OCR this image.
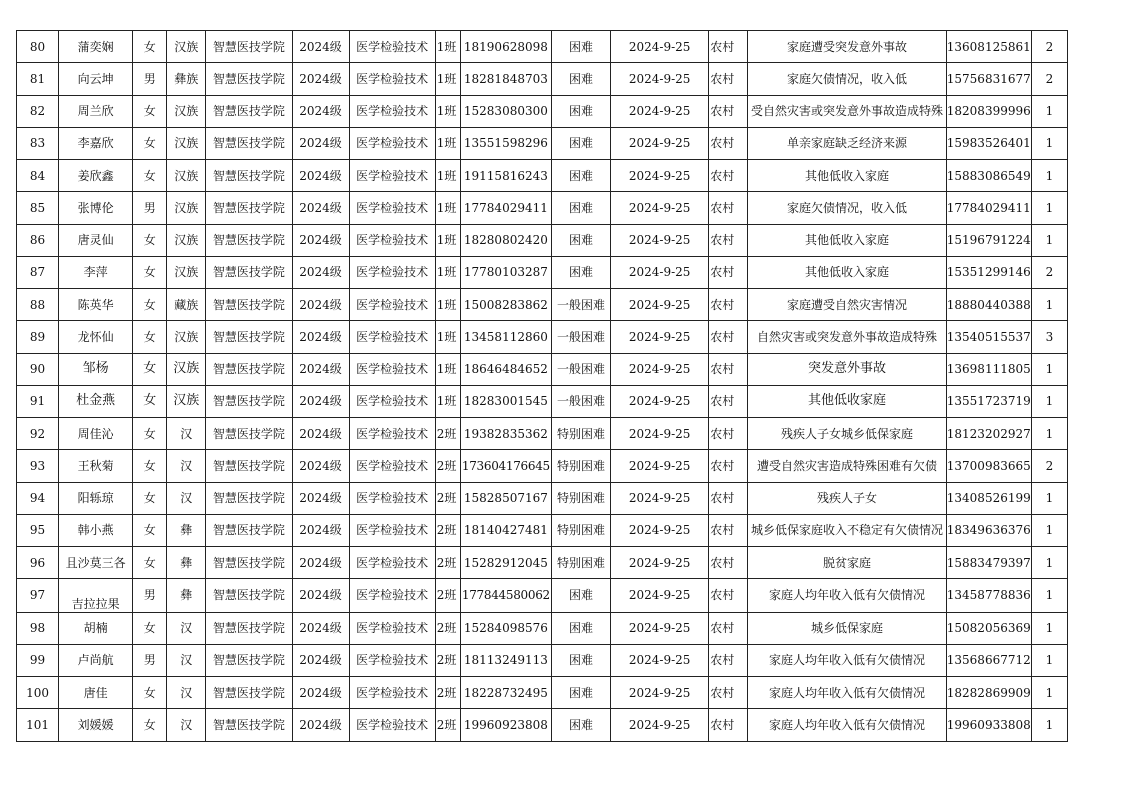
80	蒲奕娴	女	汉族	智慧医技学院	2024级	医学检验技术	1班	18190628098	困难	2024-9-25	农村	家庭遭受突发意外事故	13608125861	2
81	向云坤	男	彝族	智慧医技学院	2024级	医学检验技术	1班	18281848703	困难	2024-9-25	农村	家庭欠债情况，收入低	15756831677	2
82	周兰欣	女	汉族	智慧医技学院	2024级	医学检验技术	1班	15283080300	困难	2024-9-25	农村	受自然灾害或突发意外事故造成特殊	18208399996	1
83	李嘉欣	女	汉族	智慧医技学院	2024级	医学检验技术	1班	13551598296	困难	2024-9-25	农村	单亲家庭缺乏经济来源	15983526401	1
84	姜欣鑫	女	汉族	智慧医技学院	2024级	医学检验技术	1班	19115816243	困难	2024-9-25	农村	其他低收入家庭	15883086549	1
85	张博伦	男	汉族	智慧医技学院	2024级	医学检验技术	1班	17784029411	困难	2024-9-25	农村	家庭欠债情况，收入低	17784029411	1
86	唐灵仙	女	汉族	智慧医技学院	2024级	医学检验技术	1班	18280802420	困难	2024-9-25	农村	其他低收入家庭	15196791224	1
87	李萍	女	汉族	智慧医技学院	2024级	医学检验技术	1班	17780103287	困难	2024-9-25	农村	其他低收入家庭	15351299146	2
88	陈英华	女	藏族	智慧医技学院	2024级	医学检验技术	1班	15008283862	一般困难	2024-9-25	农村	家庭遭受自然灾害情况	18880440388	1
89	龙怀仙	女	汉族	智慧医技学院	2024级	医学检验技术	1班	13458112860	一般困难	2024-9-25	农村	自然灾害或突发意外事故造成特殊	13540515537	3
90	邹杨	女	汉族	智慧医技学院	2024级	医学检验技术	1班	18646484652	一般困难	2024-9-25	农村	突发意外事故	13698111805	1
91	杜金燕	女	汉族	智慧医技学院	2024级	医学检验技术	1班	18283001545	一般困难	2024-9-25	农村	其他低收家庭	13551723719	1
92	周佳沁	女	汉	智慧医技学院	2024级	医学检验技术	2班	19382835362	特别困难	2024-9-25	农村	残疾人子女城乡低保家庭	18123202927	1
93	王秋菊	女	汉	智慧医技学院	2024级	医学检验技术	2班	173604176645	特别困难	2024-9-25	农村	遭受自然灾害造成特殊困难有欠债	13700983665	2
94	阳轹琼	女	汉	智慧医技学院	2024级	医学检验技术	2班	15828507167	特别困难	2024-9-25	农村	残疾人子女	13408526199	1
95	韩小燕	女	彝	智慧医技学院	2024级	医学检验技术	2班	18140427481	特别困难	2024-9-25	农村	城乡低保家庭收入不稳定有欠债情况	18349636376	1
96	且沙莫三各	女	彝	智慧医技学院	2024级	医学检验技术	2班	15282912045	特别困难	2024-9-25	农村	脱贫家庭	15883479397	1
97	吉拉拉果	男	彝	智慧医技学院	2024级	医学检验技术	2班	177844580062	困难	2024-9-25	农村	家庭人均年收入低有欠债情况	13458778836	1
98	胡楠	女	汉	智慧医技学院	2024级	医学检验技术	2班	15284098576	困难	2024-9-25	农村	城乡低保家庭	15082056369	1
99	卢尚航	男	汉	智慧医技学院	2024级	医学检验技术	2班	18113249113	困难	2024-9-25	农村	家庭人均年收入低有欠债情况	13568667712	1
100	唐佳	女	汉	智慧医技学院	2024级	医学检验技术	2班	18228732495	困难	2024-9-25	农村	家庭人均年收入低有欠债情况	18282869909	1
101	刘媛媛	女	汉	智慧医技学院	2024级	医学检验技术	2班	19960923808	困难	2024-9-25	农村	家庭人均年收入低有欠债情况	19960933808	1
